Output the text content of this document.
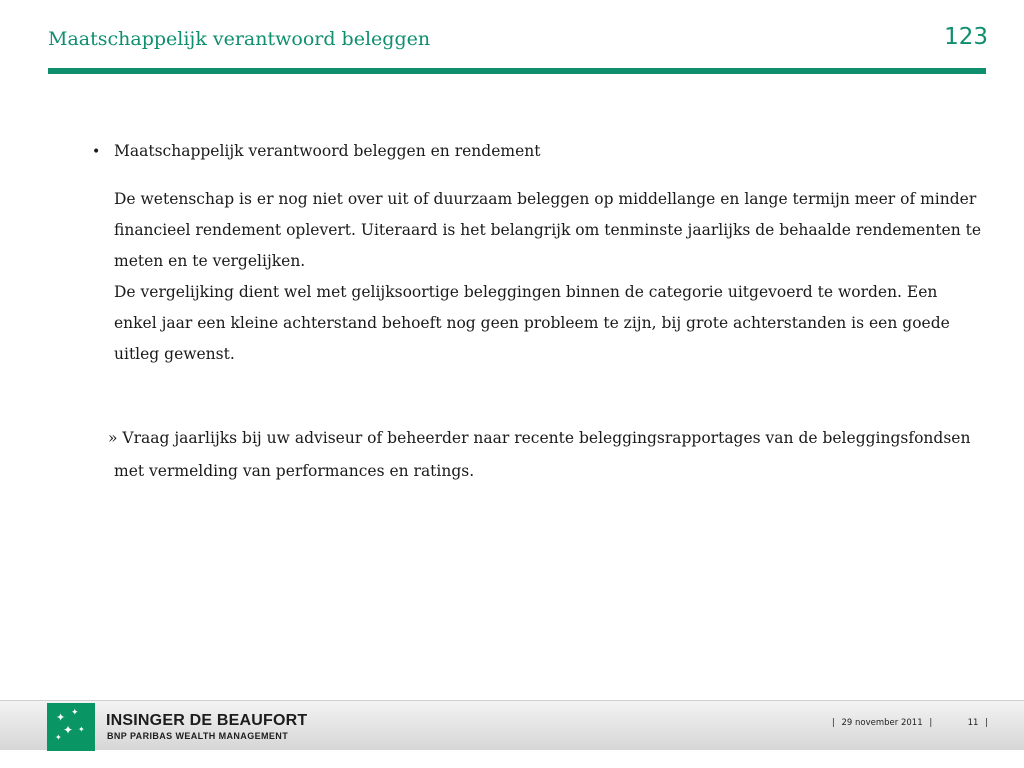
Maatschappelijk verantwoord beleggen	123
• Maatschappelijk verantwoord beleggen en rendement

De wetenschap is er nog niet over uit of duurzaam beleggen op middellange en lange termijn meer of minder financieel rendement oplevert. Uiteraard is het belangrijk om tenminste jaarlijks de behaalde rendementen te meten en te vergelijken.

De vergelijking dient wel met gelijksoortige beleggingen binnen de categorie uitgevoerd te worden. Een enkel jaar een kleine achterstand behoeft nog geen probleem te zijn, bij grote achterstanden is een goede uitleg gewenst.

» Vraag jaarlijks bij uw adviseur of beheerder naar recente beleggingsrapportages van de beleggingsfondsen
met vermelding van performances en ratings.
✦ ✦
✦ ✦
✦
INSINGER DE BEAUFORT
BNP PARIBAS WEALTH MANAGEMENT
| 29 november 2011 |	11 |
